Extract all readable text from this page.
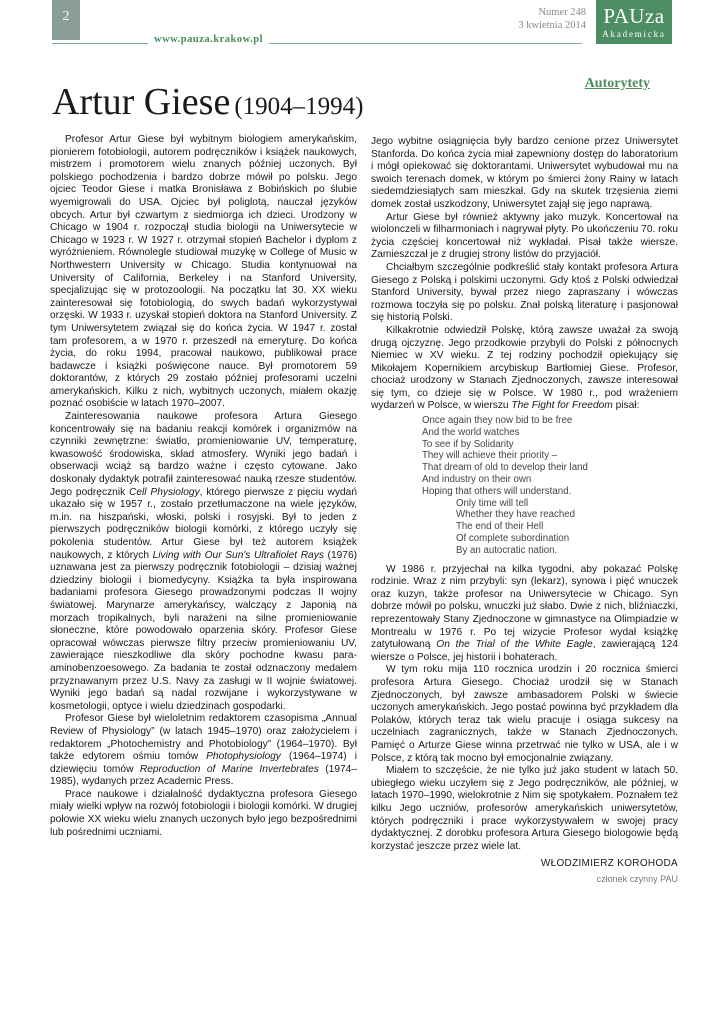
2
www.pauza.krakow.pl
Numer 248
3 kwietnia 2014 PAUza
Akademicka
Autorytety
Artur Giese (1904–1994)

Profesor Artur Giese był wybitnym biologiem amerykańskim, pionierem fotobiologii, autorem podręczników i książek naukowych, mistrzem i promotorem wielu znanych później uczonych. Był polskiego pochodzenia i bardzo dobrze mówił po polsku. Jego ojciec Teodor Giese i matka Bronisława z Bobińskich po ślubie wyemigrowali do USA. Ojciec był poliglotą, nauczał języków obcych. Artur był czwartym z siedmiorga ich dzieci. Urodzony w Chicago w 1904 r. rozpoczął studia biologii na Uniwersytecie w Chicago w 1923 r. W 1927 r. otrzymał stopień Bachelor i dyplom z wyróżnieniem. Równolegle studiował muzykę w College of Music w Northwestern University w Chicago. Studia kontynuował na University of California, Berkeley i na Stanford University, specjalizując się w protozoologii. Na początku lat 30. XX wieku zainteresował się fotobiologią, do swych badań wykorzystywał orzęski. W 1933 r. uzyskał stopień doktora na Stanford University. Z tym Uniwersytetem związał się do końca życia. W 1947 r. został tam profesorem, a w 1970 r. przeszedł na emeryturę. Do końca życia, do roku 1994, pracował naukowo, publikował prace badawcze i książki poświęcone nauce. Był promotorem 59 doktorantów, z których 29 zostało później profesorami uczelni amerykańskich. Kilku z nich, wybitnych uczonych, miałem okazję poznać osobiście w latach 1970–2007.

Zainteresowania naukowe profesora Artura Giesego koncentrowały się na badaniu reakcji komórek i organizmów na czynniki zewnętrzne: światło, promieniowanie UV, temperaturę, kwasowość środowiska, skład atmosfery. Wyniki jego badań i obserwacji wciąż są bardzo ważne i często cytowane. Jako doskonały dydaktyk potrafił zainteresować nauką rzesze studentów. Jego podręcznik Cell Physiology, którego pierwsze z pięciu wydań ukazało się w 1957 r., zostało przetłumaczone na wiele języków, m.in. na hiszpański, włoski, polski i rosyjski. Był to jeden z pierwszych podręczników biologii komórki, z którego uczyły się pokolenia studentów. Artur Giese był też autorem książek naukowych, z których Living with Our Sun's Ultrafiolet Rays (1976) uznawana jest za pierwszy podręcznik fotobiologii – dzisiaj ważnej dziedziny biologii i biomedycyny. Książka ta była inspirowana badaniami profesora Giesego prowadzonymi podczas II wojny światowej. Marynarze amerykańscy, walczący z Japonią na morzach tropikalnych, byli narażeni na silne promieniowanie słoneczne, które powodowało oparzenia skóry. Profesor Giese opracował wówczas pierwsze filtry przeciw promieniowaniu UV, zawierające nieszkodliwe dla skóry pochodne kwasu para-aminobenzoesowego. Za badania te został odznaczony medalem przyznawanym przez U.S. Navy za zasługi w II wojnie światowej. Wyniki jego badań są nadal rozwijane i wykorzystywane w kosmetologii, optyce i wielu dziedzinach gospodarki.

Profesor Giese był wieloletnim redaktorem czasopisma „Annual Review of Physiology” (w latach 1945–1970) oraz założycielem i redaktorem „Photochemistry and Photobiology” (1964–1970). Był także edytorem ośmiu tomów Photophysiology (1964–1974) i dziewięciu tomów Reproduction of Marine Invertebrates (1974–1985), wydanych przez Academic Press.

Prace naukowe i działalność dydaktyczna profesora Giesego miały wielki wpływ na rozwój fotobiologii i biologii komórki. W drugiej połowie XX wieku wielu znanych uczonych było jego bezpośrednimi lub pośrednimi uczniami.

Jego wybitne osiągnięcia były bardzo cenione przez Uniwersytet Stanforda. Do końca życia miał zapewniony dostęp do laboratorium i mógł opiekować się doktorantami. Uniwersytet wybudował mu na swoich terenach domek, w którym po śmierci żony Rainy w latach siedemdziesiątych sam mieszkał. Gdy na skutek trzęsienia ziemi domek został uszkodzony, Uniwersytet zajął się jego naprawą.

Artur Giese był również aktywny jako muzyk. Koncertował na wiolonczeli w filharmoniach i nagrywał płyty. Po ukończeniu 70. roku życia częściej koncertował niż wykładał. Pisał także wiersze. Zamieszczał je z drugiej strony listów do przyjaciół.

Chciałbym szczególnie podkreślić stały kontakt profesora Artura Giesego z Polską i polskimi uczonymi. Gdy ktoś z Polski odwiedzał Stanford University, bywał przez niego zapraszany i wówczas rozmowa toczyła się po polsku. Znał polską literaturę i pasjonował się historią Polski.

Kilkakrotnie odwiedził Polskę, którą zawsze uważał za swoją drugą ojczyznę. Jego przodkowie przybyli do Polski z północnych Niemiec w XV wieku. Z tej rodziny pochodził opiekujący się Mikołajem Kopernikiem arcybiskup Bartłomiej Giese. Profesor, chociaż urodzony w Stanach Zjednoczonych, zawsze interesował się tym, co dzieje się w Polsce. W 1980 r., pod wrażeniem wydarzeń w Polsce, w wierszu The Fight for Freedom pisał:

Once again they now bid to be free
And the world watches
To see if by Solidarity
They will achieve their priority –
That dream of old to develop their land
And industry on their own
Hoping that others will understand.
Only time will tell
Whether they have reached
The end of their Hell
Of complete subordination
By an autocratic nation.

W 1986 r. przyjechał na kilka tygodni, aby pokazać Polskę rodzinie. Wraz z nim przybyli: syn (lekarz), synowa i pięć wnuczek oraz kuzyn, także profesor na Uniwersytecie w Chicago. Syn dobrze mówił po polsku, wnuczki już słabo. Dwie z nich, bliźniaczki, reprezentowały Stany Zjednoczone w gimnastyce na Olimpiadzie w Montrealu w 1976 r. Po tej wizycie Profesor wydał książkę zatytułowaną On the Trial of the White Eagle, zawierającą 124 wiersze o Polsce, jej historii i bohaterach.

W tym roku mija 110 rocznica urodzin i 20 rocznica śmierci profesora Artura Giesego. Chociaż urodził się w Stanach Zjednoczonych, był zawsze ambasadorem Polski w świecie uczonych amerykańskich. Jego postać powinna być przykładem dla Polaków, których teraz tak wielu pracuje i osiąga sukcesy na uczelniach zagranicznych, także w Stanach Zjednoczonych. Pamięć o Arturze Giese winna przetrwać nie tylko w USA, ale i w Polsce, z którą tak mocno był emocjonalnie związany.

Miałem to szczęście, że nie tylko już jako student w latach 50. ubiegłego wieku uczyłem się z Jego podręczników, ale później, w latach 1970–1990, wielokrotnie z Nim się spotykałem. Poznałem też kilku Jego uczniów, profesorów amerykańskich uniwersytetów, których podręczniki i prace wykorzystywałem w swojej pracy dydaktycznej. Z dorobku profesora Artura Giesego biologowie będą korzystać jeszcze przez wiele lat.

WŁODZIMIERZ KOROHODA
członek czynny PAU
